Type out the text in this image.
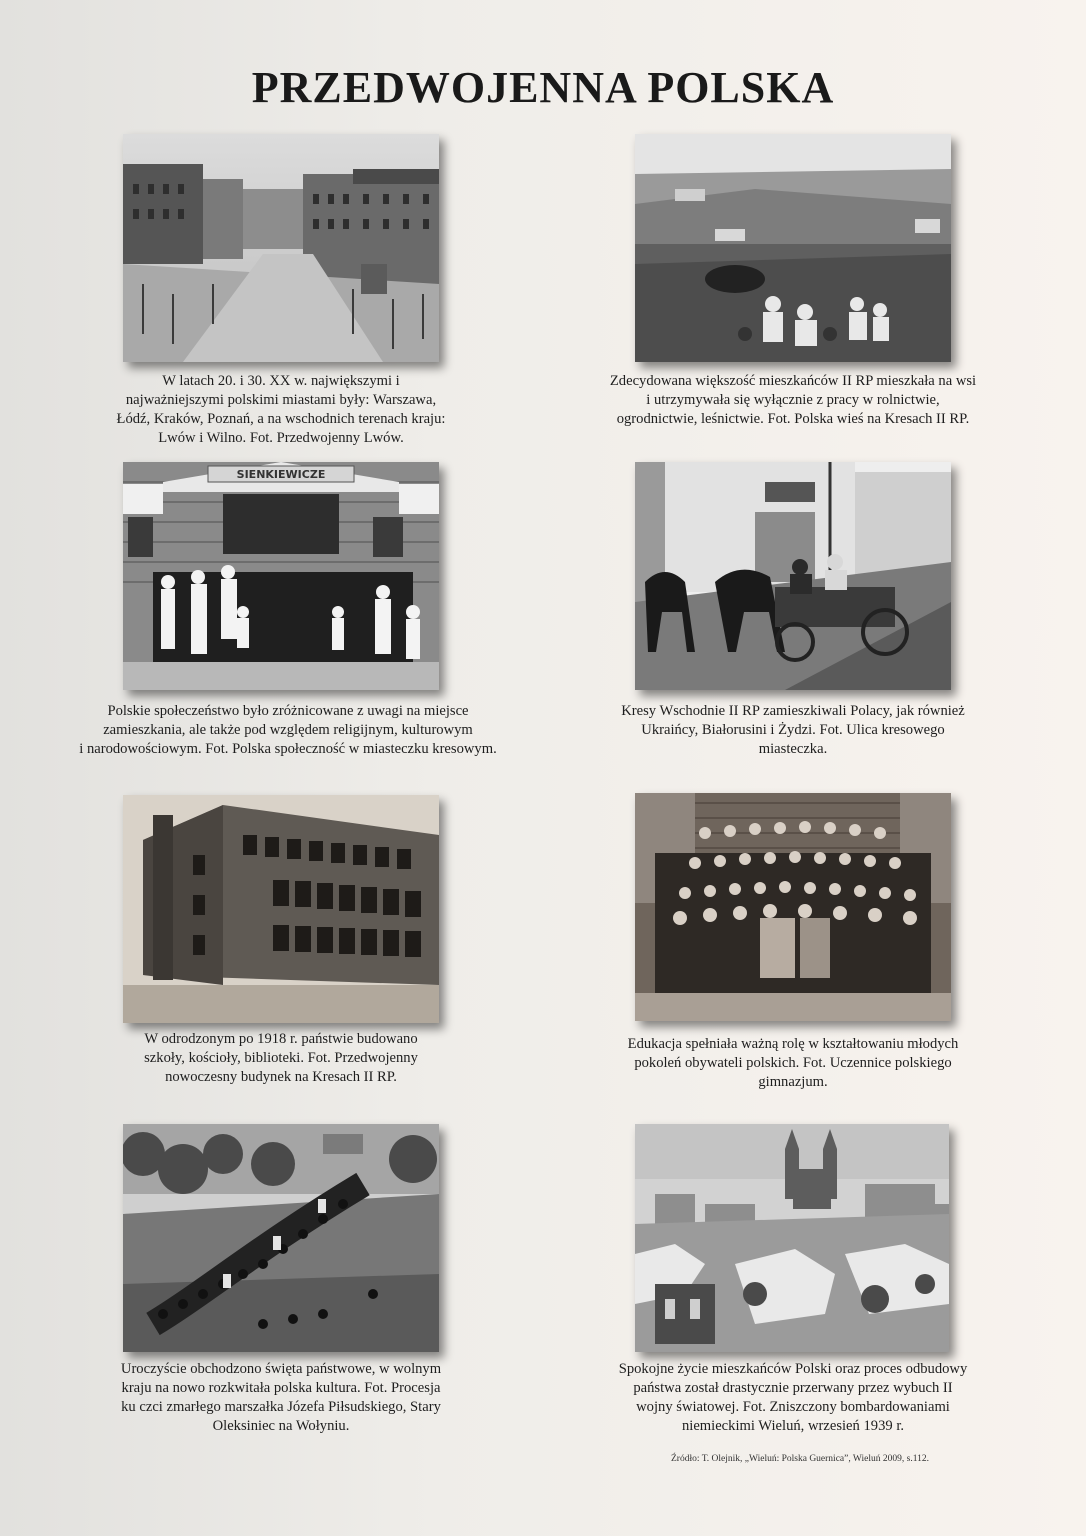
PRZEDWOJENNA POLSKA
W latach 20. i 30. XX w. największymi i
najważniejszymi polskimi miastami były: Warszawa,
Łódź, Kraków, Poznań, a na wschodnich terenach kraju:
Lwów i Wilno. Fot. Przedwojenny Lwów.
Zdecydowana większość mieszkańców II RP mieszkała na wsi
i utrzymywała się wyłącznie z pracy w rolnictwie,
ogrodnictwie, leśnictwie. Fot. Polska wieś na Kresach II RP.
SIENKIEWICZE
Polskie społeczeństwo było zróżnicowane z uwagi na miejsce
zamieszkania, ale także pod względem religijnym, kulturowym
i narodowościowym. Fot. Polska społeczność w miasteczku kresowym.
Kresy Wschodnie II RP zamieszkiwali Polacy, jak również
Ukraińcy, Białorusini i Żydzi. Fot. Ulica kresowego
miasteczka.
W odrodzonym po 1918 r. państwie budowano
szkoły, kościoły, biblioteki. Fot. Przedwojenny
nowoczesny budynek na Kresach II RP.
Edukacja spełniała ważną rolę w kształtowaniu młodych
pokoleń obywateli polskich. Fot. Uczennice polskiego
gimnazjum.
Uroczyście obchodzono święta państwowe, w wolnym
kraju na nowo rozkwitała polska kultura. Fot. Procesja
ku czci zmarłego marszałka Józefa Piłsudskiego, Stary
Oleksiniec na Wołyniu.
Spokojne życie mieszkańców Polski oraz proces odbudowy
państwa został drastycznie przerwany przez wybuch II
wojny światowej. Fot. Zniszczony bombardowaniami
niemieckimi Wieluń, wrzesień 1939 r.
Źródło: T. Olejnik, „Wieluń: Polska Guernica”, Wieluń 2009, s.112.
